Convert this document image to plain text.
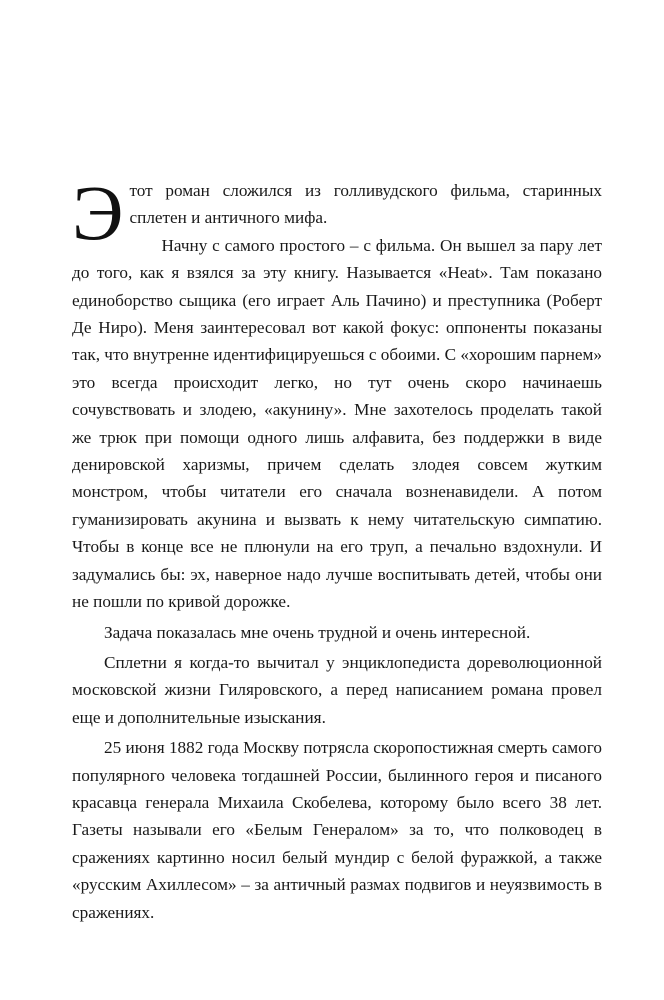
Этот роман сложился из голливудского фильма, старинных сплетен и античного мифа.

Начну с самого простого – с фильма. Он вышел за пару лет до того, как я взялся за эту книгу. Называется «Heat». Там показано единоборство сыщика (его играет Аль Пачино) и преступника (Роберт Де Ниро). Меня заинтересовал вот какой фокус: оппоненты показаны так, что внутренне идентифицируешься с обоими. С «хорошим парнем» это всегда происходит легко, но тут очень скоро начинаешь сочувствовать и злодею, «акунину». Мне захотелось проделать такой же трюк при помощи одного лишь алфавита, без поддержки в виде дениpовской харизмы, причем сделать злодея совсем жутким монстром, чтобы читатели его сначала возненавидели. А потом гуманизировать акунина и вызвать к нему читательскую симпатию. Чтобы в конце все не плюнули на его труп, а печально вздохнули. И задумались бы: эх, наверное надо лучше воспитывать детей, чтобы они не пошли по кривой дорожке.

Задача показалась мне очень трудной и очень интересной.

Сплетни я когда-то вычитал у энциклопедиста дореволюционной московской жизни Гиляровского, а перед написанием романа провел еще и дополнительные изыскания.

25 июня 1882 года Москву потрясла скоропостижная смерть самого популярного человека тогдашней России, былинного героя и писаного красавца генерала Михаила Скобелева, которому было всего 38 лет. Газеты называли его «Белым Генералом» за то, что полководец в сражениях картинно носил белый мундир с белой фуражкой, а также «русским Ахиллесом» – за античный размах подвигов и неуязвимость в сражениях.
